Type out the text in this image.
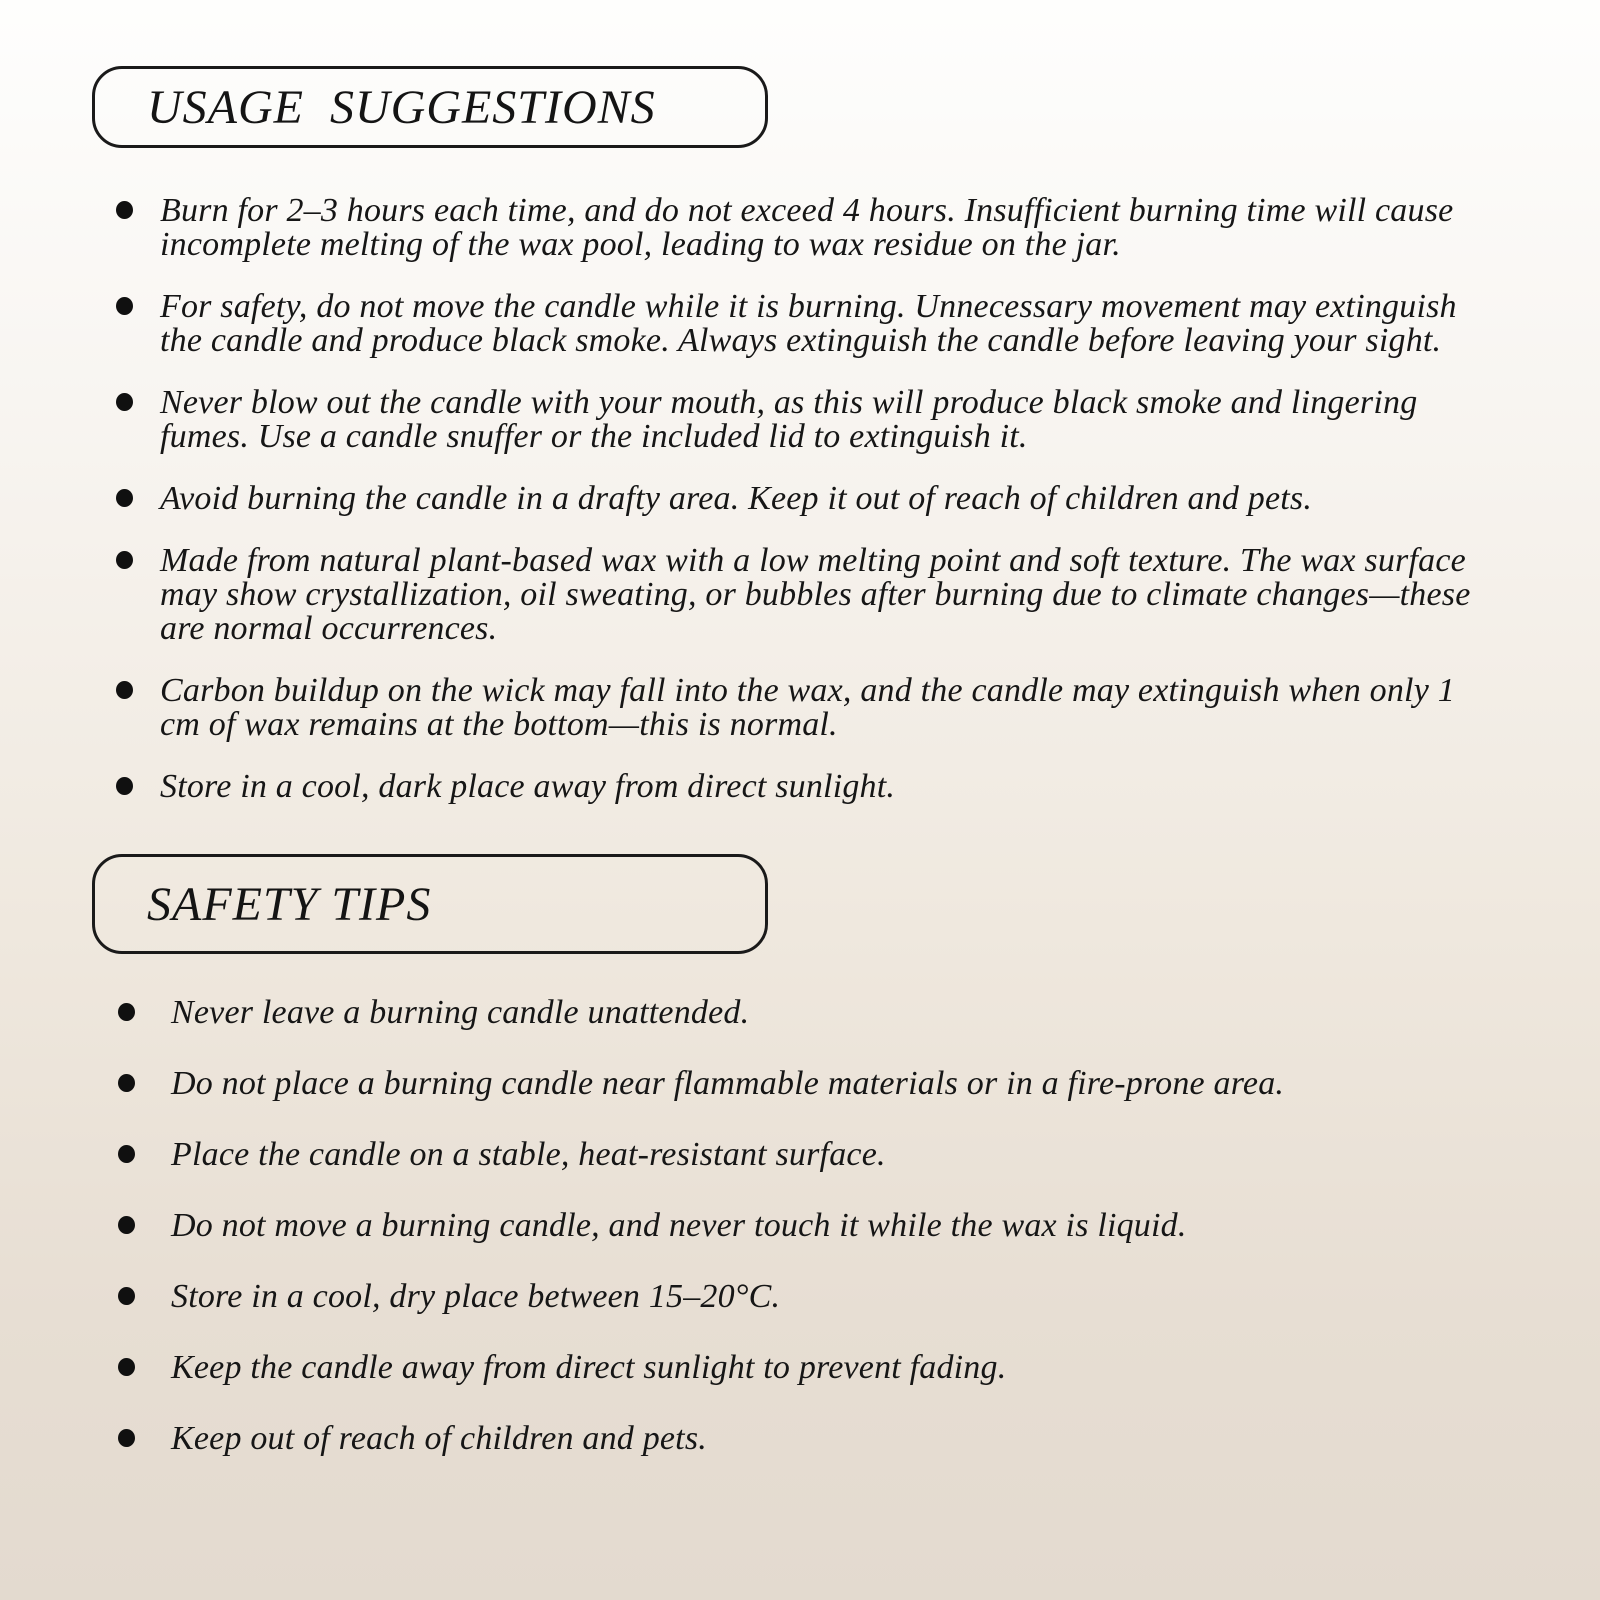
USAGE  SUGGESTIONS
Burn for 2–3 hours each time, and do not exceed 4 hours. Insufficient burning time will cause incomplete melting of the wax pool, leading to wax residue on the jar.
For safety, do not move the candle while it is burning. Unnecessary movement may extinguish the candle and produce black smoke. Always extinguish the candle before leaving your sight.
Never blow out the candle with your mouth, as this will produce black smoke and lingering fumes. Use a candle snuffer or the included lid to extinguish it.
Avoid burning the candle in a drafty area. Keep it out of reach of children and pets.
Made from natural plant-based wax with a low melting point and soft texture. The wax surface may show crystallization, oil sweating, or bubbles after burning due to climate changes—these are normal occurrences.
Carbon buildup on the wick may fall into the wax, and the candle may extinguish when only 1 cm of wax remains at the bottom—this is normal.
Store in a cool, dark place away from direct sunlight.
SAFETY TIPS
Never leave a burning candle unattended.
Do not place a burning candle near flammable materials or in a fire-prone area.
Place the candle on a stable, heat-resistant surface.
Do not move a burning candle, and never touch it while the wax is liquid.
Store in a cool, dry place between 15–20°C.
Keep the candle away from direct sunlight to prevent fading.
Keep out of reach of children and pets.
